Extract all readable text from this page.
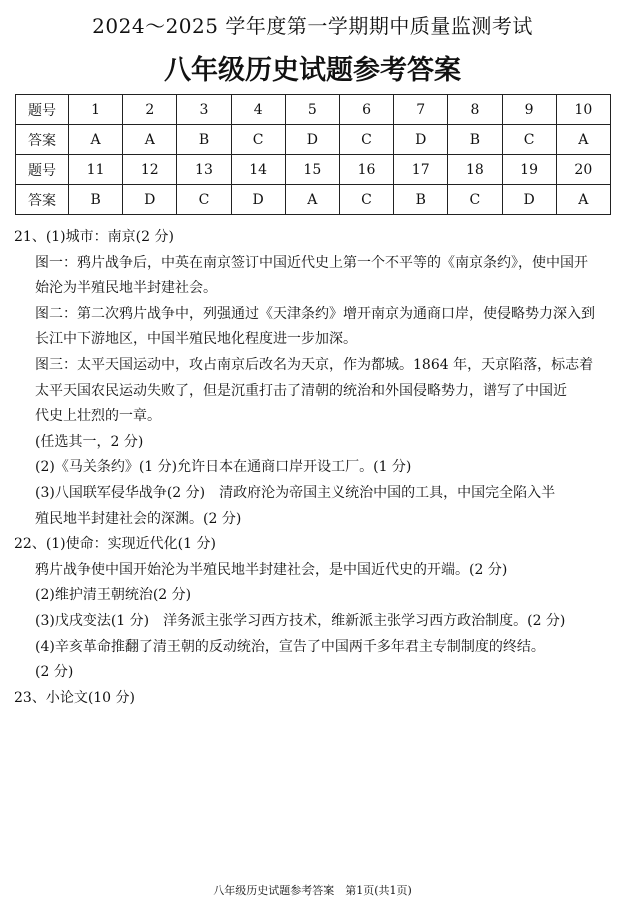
2024～2025 学年度第一学期期中质量监测考试
八年级历史试题参考答案
题号	1	2	3	4	5	6	7	8	9	10
答案	A	A	B	C	D	C	D	B	C	A
题号	11	12	13	14	15	16	17	18	19	20
答案	B	D	C	D	A	C	B	C	D	A

21、(1)城市：南京(2 分)

图一：鸦片战争后，中英在南京签订中国近代史上第一个不平等的《南京条约》，使中国开

始沦为半殖民地半封建社会。

图二：第二次鸦片战争中，列强通过《天津条约》增开南京为通商口岸，使侵略势力深入到

长江中下游地区，中国半殖民地化程度进一步加深。

图三：太平天国运动中，攻占南京后改名为天京，作为都城。1864 年，天京陷落，标志着

太平天国农民运动失败了，但是沉重打击了清朝的统治和外国侵略势力，谱写了中国近

代史上壮烈的一章。

(任选其一，2 分)

(2)《马关条约》(1 分)允许日本在通商口岸开设工厂。(1 分)

(3)八国联军侵华战争(2 分)　清政府沦为帝国主义统治中国的工具，中国完全陷入半

殖民地半封建社会的深渊。(2 分)

22、(1)使命：实现近代化(1 分)

鸦片战争使中国开始沦为半殖民地半封建社会，是中国近代史的开端。(2 分)

(2)维护清王朝统治(2 分)

(3)戊戌变法(1 分)　洋务派主张学习西方技术，维新派主张学习西方政治制度。(2 分)

(4)辛亥革命推翻了清王朝的反动统治，宣告了中国两千多年君主专制制度的终结。

(2 分)

23、小论文(10 分)

八年级历史试题参考答案　第1页(共1页)
